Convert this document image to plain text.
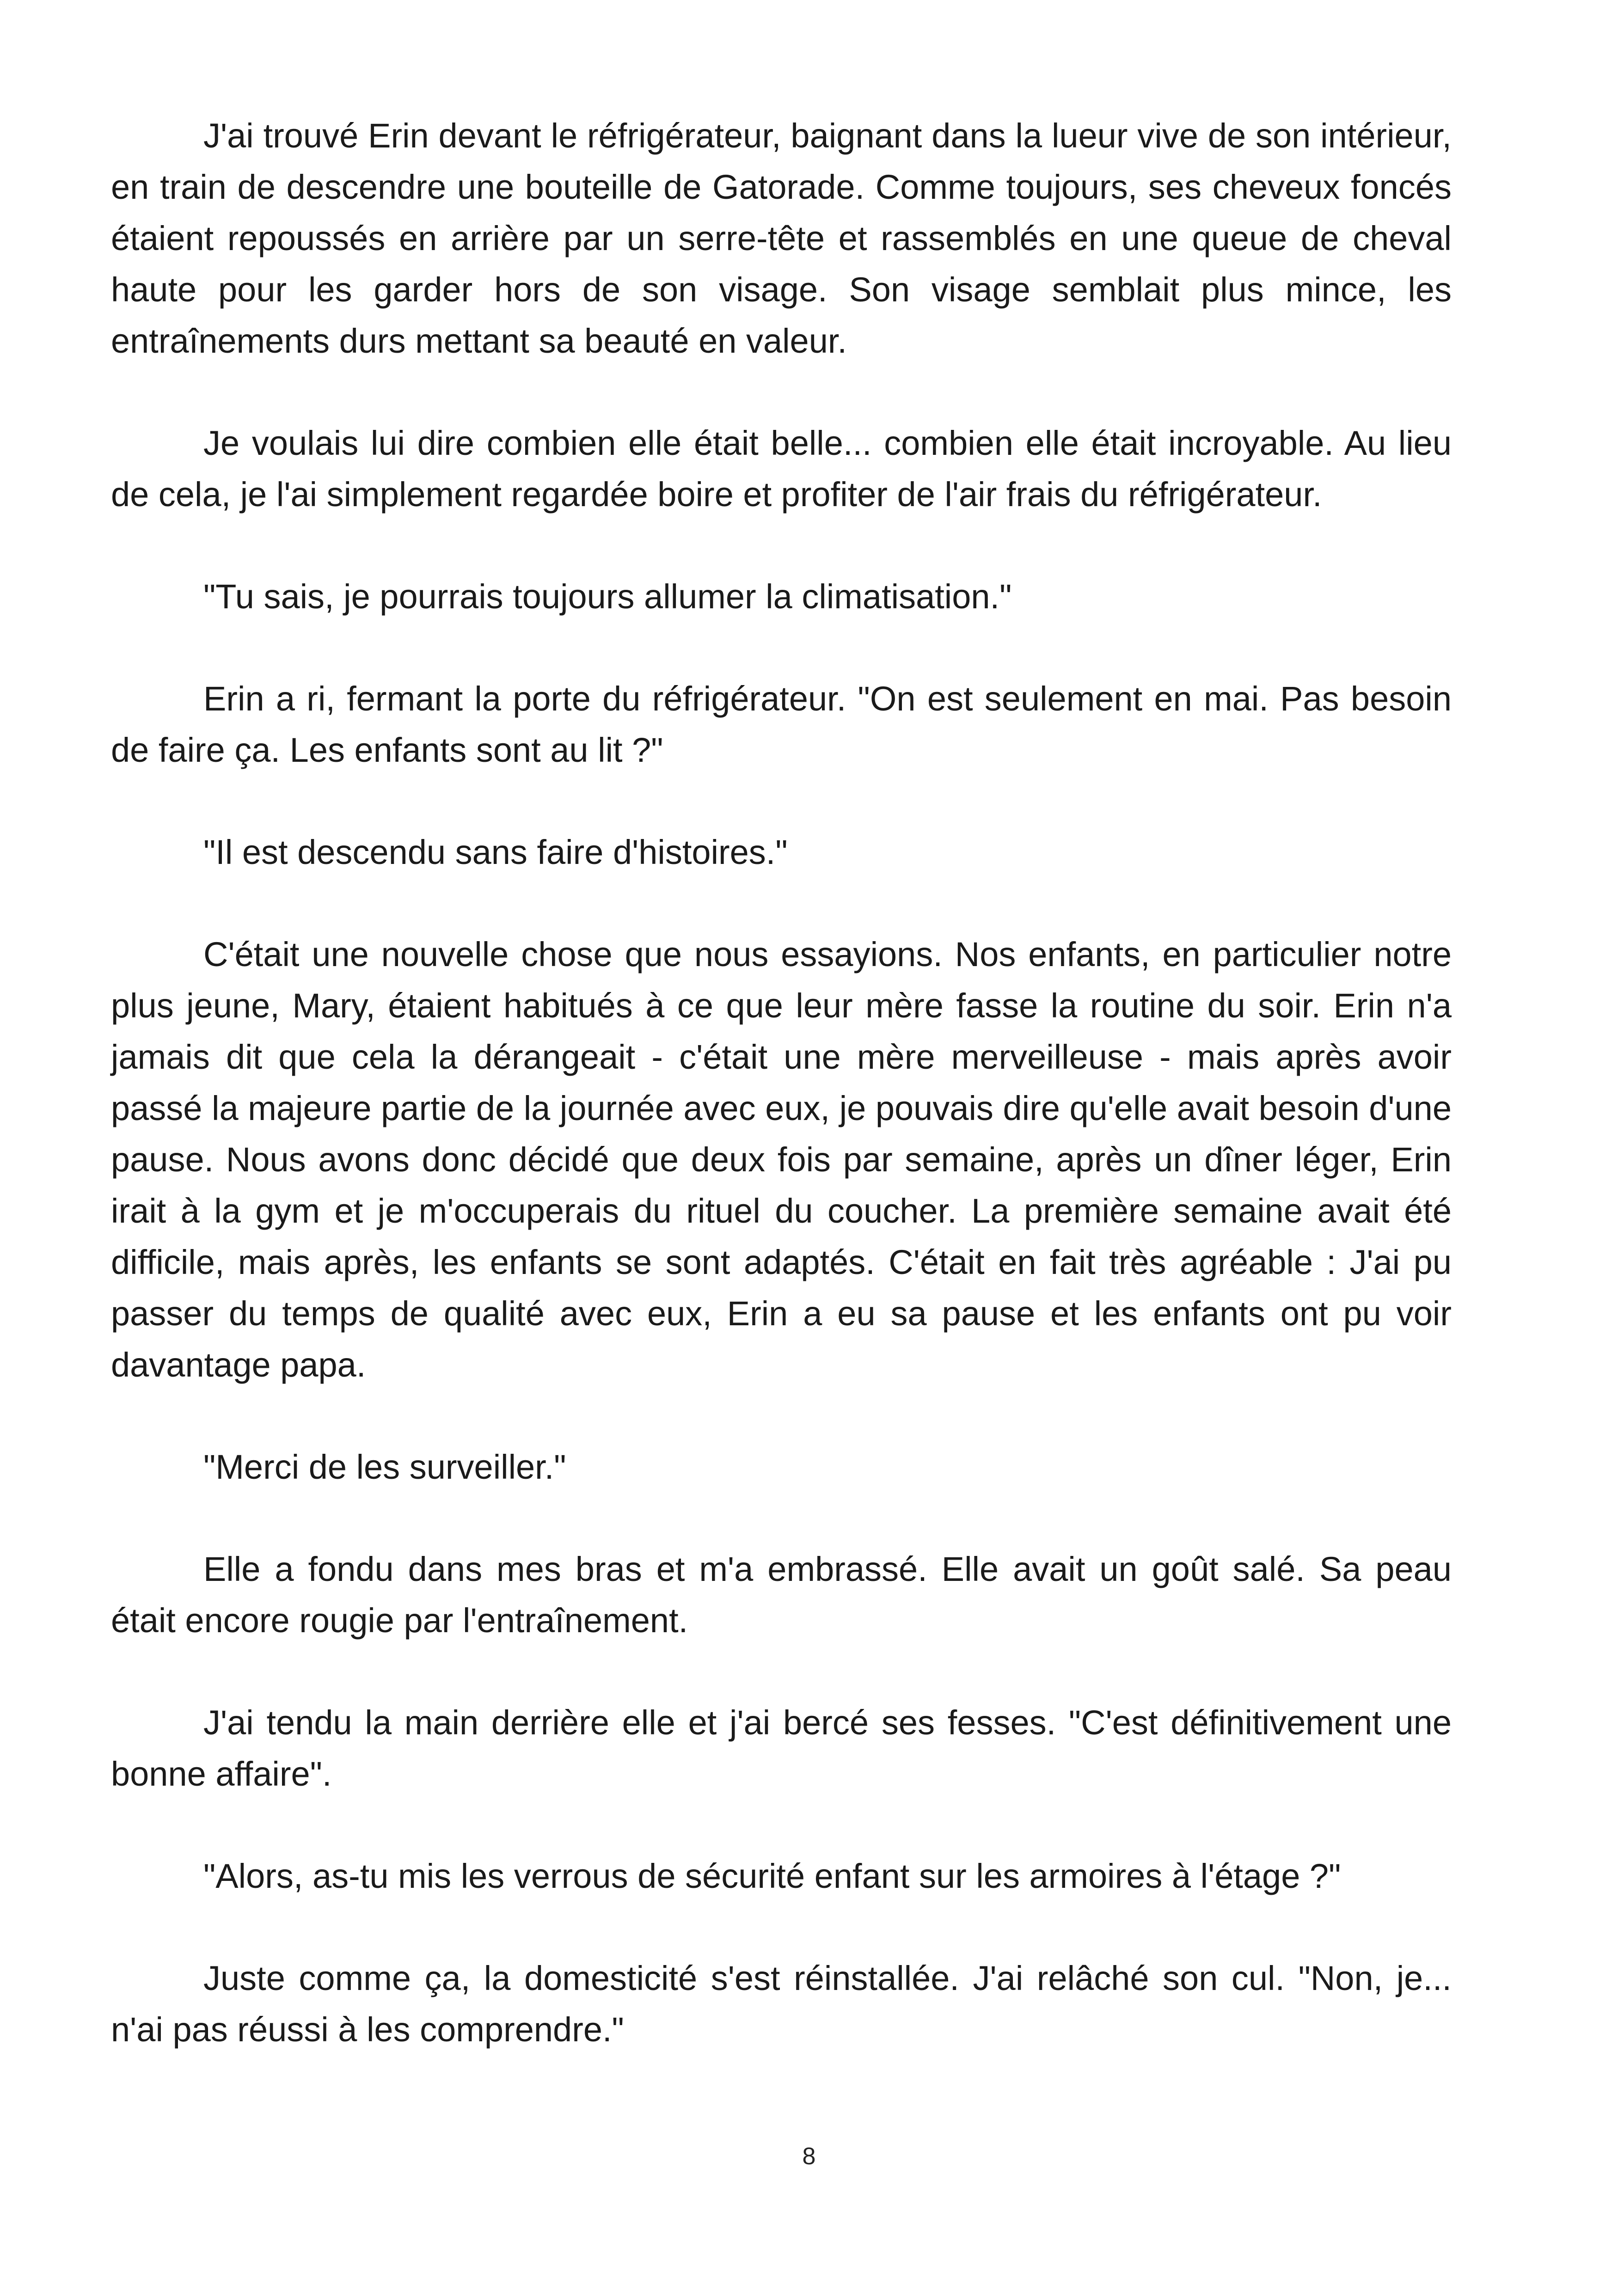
J'ai trouvé Erin devant le réfrigérateur, baignant dans la lueur vive de son intérieur, en train de descendre une bouteille de Gatorade. Comme toujours, ses cheveux foncés étaient repoussés en arrière par un serre-tête et rassemblés en une queue de cheval haute pour les garder hors de son visage. Son visage semblait plus mince, les entraînements durs mettant sa beauté en valeur.

Je voulais lui dire combien elle était belle... combien elle était incroyable. Au lieu de cela, je l'ai simplement regardée boire et profiter de l'air frais du réfrigérateur.

"Tu sais, je pourrais toujours allumer la climatisation."

Erin a ri, fermant la porte du réfrigérateur. "On est seulement en mai. Pas besoin de faire ça. Les enfants sont au lit ?"

"Il est descendu sans faire d'histoires."

C'était une nouvelle chose que nous essayions. Nos enfants, en particulier notre plus jeune, Mary, étaient habitués à ce que leur mère fasse la routine du soir. Erin n'a jamais dit que cela la dérangeait - c'était une mère merveilleuse - mais après avoir passé la majeure partie de la journée avec eux, je pouvais dire qu'elle avait besoin d'une pause. Nous avons donc décidé que deux fois par semaine, après un dîner léger, Erin irait à la gym et je m'occuperais du rituel du coucher. La première semaine avait été difficile, mais après, les enfants se sont adaptés. C'était en fait très agréable : J'ai pu passer du temps de qualité avec eux, Erin a eu sa pause et les enfants ont pu voir davantage papa.

"Merci de les surveiller."

Elle a fondu dans mes bras et m'a embrassé. Elle avait un goût salé. Sa peau était encore rougie par l'entraînement.

J'ai tendu la main derrière elle et j'ai bercé ses fesses. "C'est définitivement une bonne affaire".

"Alors, as-tu mis les verrous de sécurité enfant sur les armoires à l'étage ?"

Juste comme ça, la domesticité s'est réinstallée. J'ai relâché son cul. "Non, je... n'ai pas réussi à les comprendre."

8
